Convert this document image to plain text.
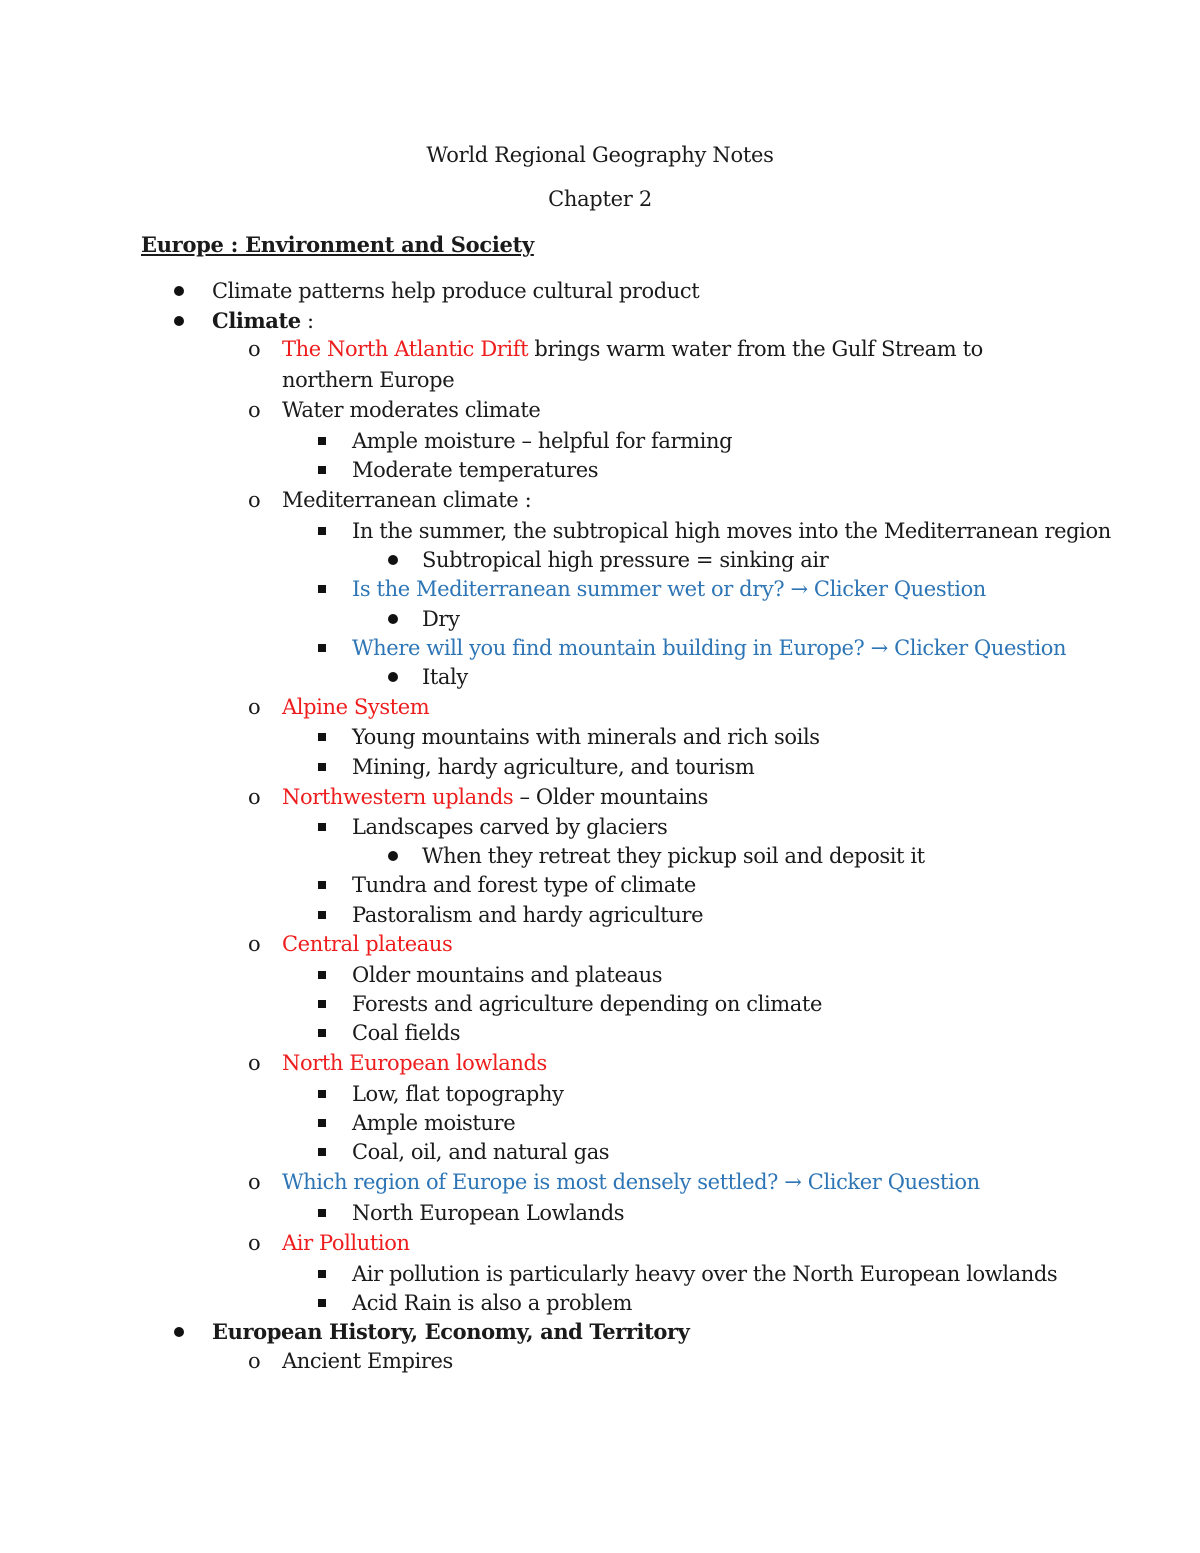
World Regional Geography Notes
Chapter 2
Europe : Environment and Society
Climate patterns help produce cultural product
Climate :
o The North Atlantic Drift brings warm water from the Gulf Stream to northern Europe
o Water moderates climate
Ample moisture – helpful for farming
Moderate temperatures
o Mediterranean climate :
In the summer, the subtropical high moves into the Mediterranean region
Subtropical high pressure = sinking air
Is the Mediterranean summer wet or dry? → Clicker Question
Dry
Where will you find mountain building in Europe? → Clicker Question
Italy
o Alpine System
Young mountains with minerals and rich soils
Mining, hardy agriculture, and tourism
o Northwestern uplands – Older mountains
Landscapes carved by glaciers
When they retreat they pickup soil and deposit it
Tundra and forest type of climate
Pastoralism and hardy agriculture
o Central plateaus
Older mountains and plateaus
Forests and agriculture depending on climate
Coal fields
o North European lowlands
Low, flat topography
Ample moisture
Coal, oil, and natural gas
o Which region of Europe is most densely settled? → Clicker Question
North European Lowlands
o Air Pollution
Air pollution is particularly heavy over the North European lowlands
Acid Rain is also a problem
European History, Economy, and Territory
o Ancient Empires
